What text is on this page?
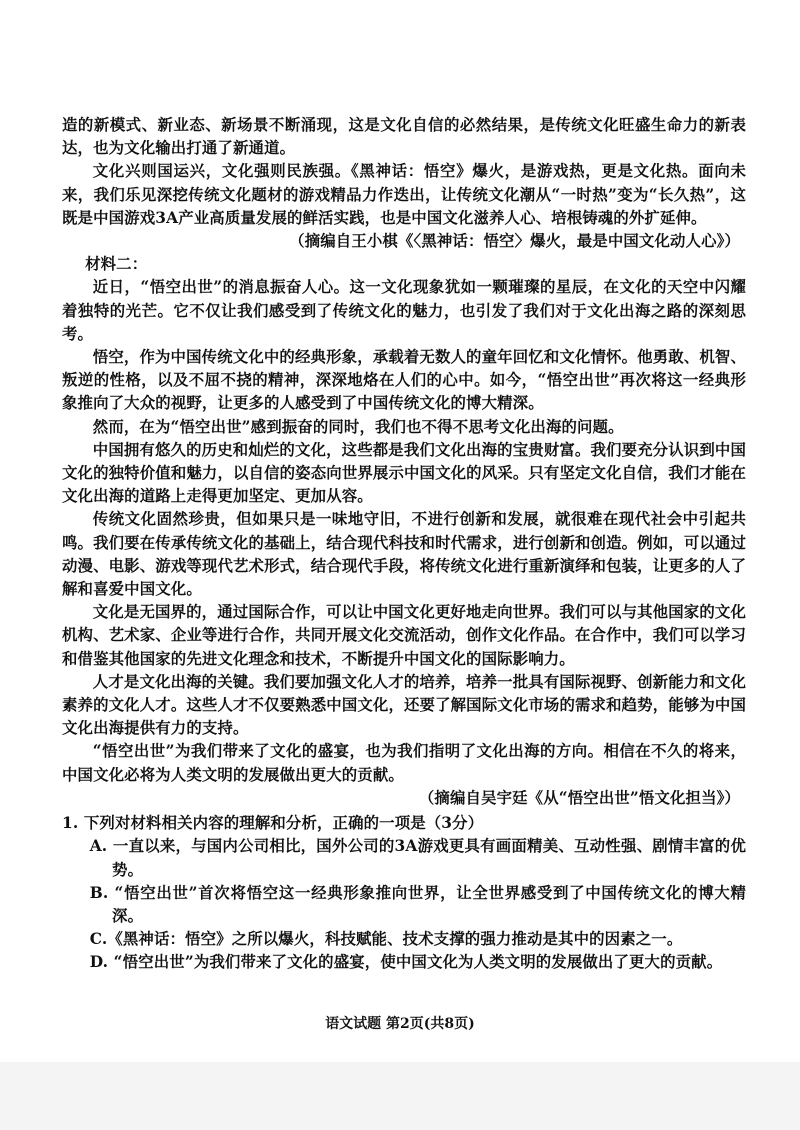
造的新模式、新业态、新场景不断涌现，这是文化自信的必然结果，是传统文化旺盛生命力的新表达，也为文化输出打通了新通道。

文化兴则国运兴，文化强则民族强。《黑神话：悟空》爆火，是游戏热，更是文化热。面向未来，我们乐见深挖传统文化题材的游戏精品力作迭出，让传统文化潮从“一时热”变为“长久热”，这既是中国游戏3A产业高质量发展的鲜活实践，也是中国文化滋养人心、培根铸魂的外扩延伸。

（摘编自王小棋《〈黑神话：悟空〉爆火，最是中国文化动人心》）

材料二：

近日，“悟空出世”的消息振奋人心。这一文化现象犹如一颗璀璨的星辰，在文化的天空中闪耀着独特的光芒。它不仅让我们感受到了传统文化的魅力，也引发了我们对于文化出海之路的深刻思考。

悟空，作为中国传统文化中的经典形象，承载着无数人的童年回忆和文化情怀。他勇敢、机智、叛逆的性格，以及不屈不挠的精神，深深地烙在人们的心中。如今，“悟空出世”再次将这一经典形象推向了大众的视野，让更多的人感受到了中国传统文化的博大精深。

然而，在为“悟空出世”感到振奋的同时，我们也不得不思考文化出海的问题。

中国拥有悠久的历史和灿烂的文化，这些都是我们文化出海的宝贵财富。我们要充分认识到中国文化的独特价值和魅力，以自信的姿态向世界展示中国文化的风采。只有坚定文化自信，我们才能在文化出海的道路上走得更加坚定、更加从容。

传统文化固然珍贵，但如果只是一味地守旧，不进行创新和发展，就很难在现代社会中引起共鸣。我们要在传承传统文化的基础上，结合现代科技和时代需求，进行创新和创造。例如，可以通过动漫、电影、游戏等现代艺术形式，结合现代手段，将传统文化进行重新演绎和包装，让更多的人了解和喜爱中国文化。

文化是无国界的，通过国际合作，可以让中国文化更好地走向世界。我们可以与其他国家的文化机构、艺术家、企业等进行合作，共同开展文化交流活动，创作文化作品。在合作中，我们可以学习和借鉴其他国家的先进文化理念和技术，不断提升中国文化的国际影响力。

人才是文化出海的关键。我们要加强文化人才的培养，培养一批具有国际视野、创新能力和文化素养的文化人才。这些人才不仅要熟悉中国文化，还要了解国际文化市场的需求和趋势，能够为中国文化出海提供有力的支持。

“悟空出世”为我们带来了文化的盛宴，也为我们指明了文化出海的方向。相信在不久的将来，中国文化必将为人类文明的发展做出更大的贡献。

（摘编自吴宇廷《从“悟空出世”悟文化担当》）

1. 下列对材料相关内容的理解和分析，正确的一项是（3分）

A. 一直以来，与国内公司相比，国外公司的3A游戏更具有画面精美、互动性强、剧情丰富的优势。

B. “悟空出世”首次将悟空这一经典形象推向世界，让全世界感受到了中国传统文化的博大精深。

C.《黑神话：悟空》之所以爆火，科技赋能、技术支撑的强力推动是其中的因素之一。

D. “悟空出世”为我们带来了文化的盛宴，使中国文化为人类文明的发展做出了更大的贡献。

语文试题 第2页(共8页)
